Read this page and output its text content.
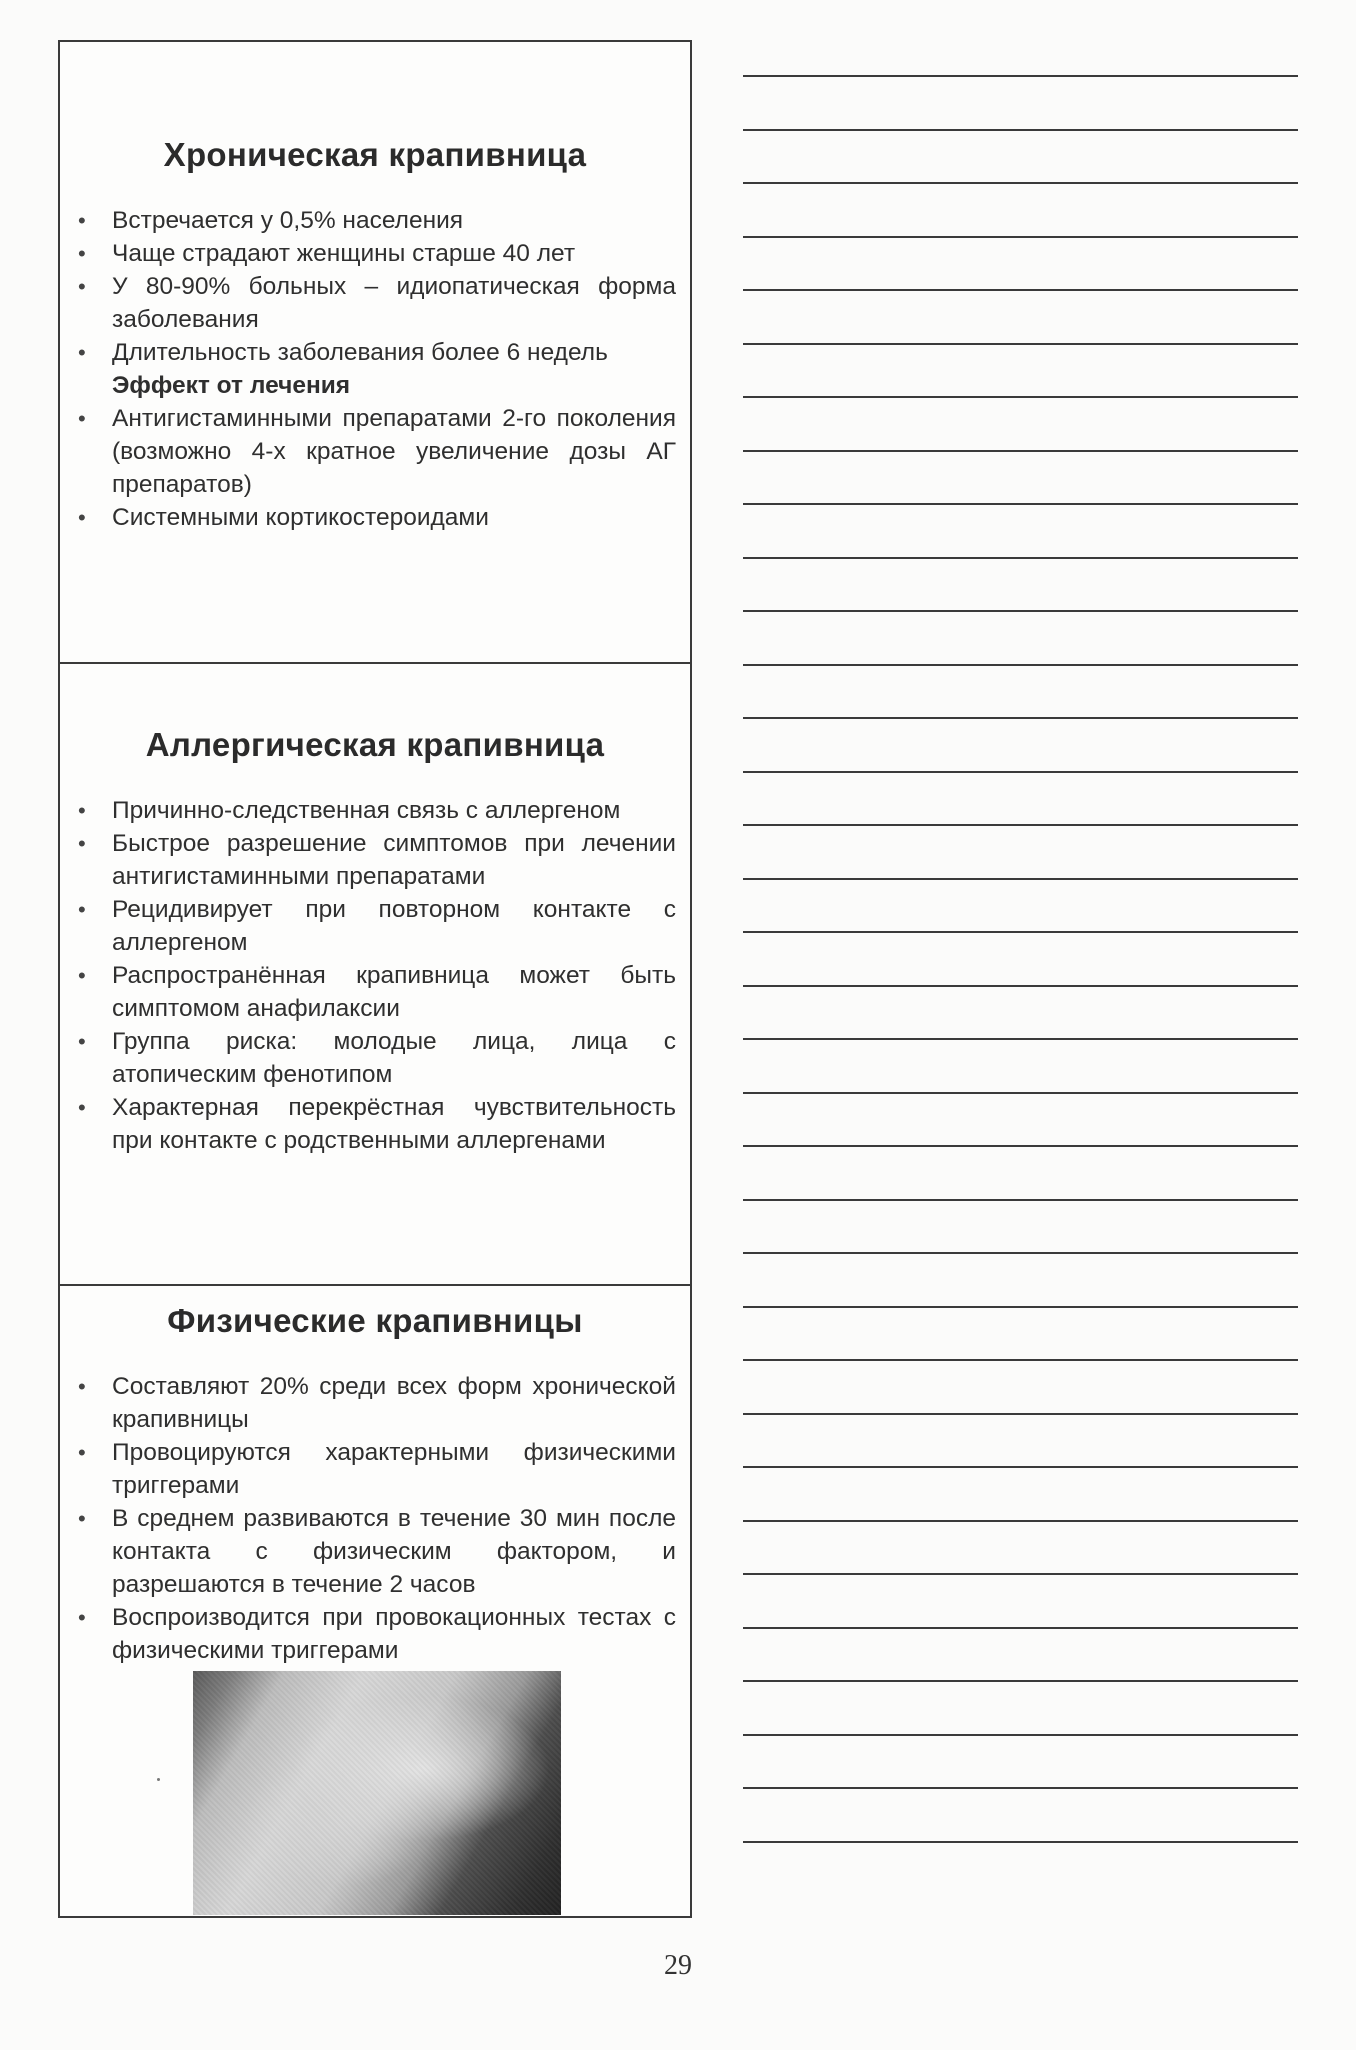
Хроническая крапивница
• Встречается у 0,5% населения
• Чаще страдают женщины старше 40 лет
• У 80-90% больных – идиопатическая форма заболевания
• Длительность заболевания более 6 недель
Эффект от лечения
• Антигистаминными препаратами 2-го поколения (возможно 4-х кратное увеличение дозы АГ препаратов)
• Системными кортикостероидами
Аллергическая крапивница
• Причинно-следственная связь с аллергеном
• Быстрое разрешение симптомов при лечении антигистаминными препаратами
• Рецидивирует при повторном контакте с аллергеном
• Распространённая крапивница может быть симптомом анафилаксии
• Группа риска: молодые лица, лица с атопическим фенотипом
• Характерная перекрёстная чувствительность при контакте с родственными аллергенами
Физические крапивницы
• Составляют 20% среди всех форм хронической крапивницы
• Провоцируются характерными физическими триггерами
• В среднем развиваются в течение 30 мин после контакта с физическим фактором, и разрешаются в течение 2 часов
• Воспроизводится при провокационных тестах с физическими триггерами
29
